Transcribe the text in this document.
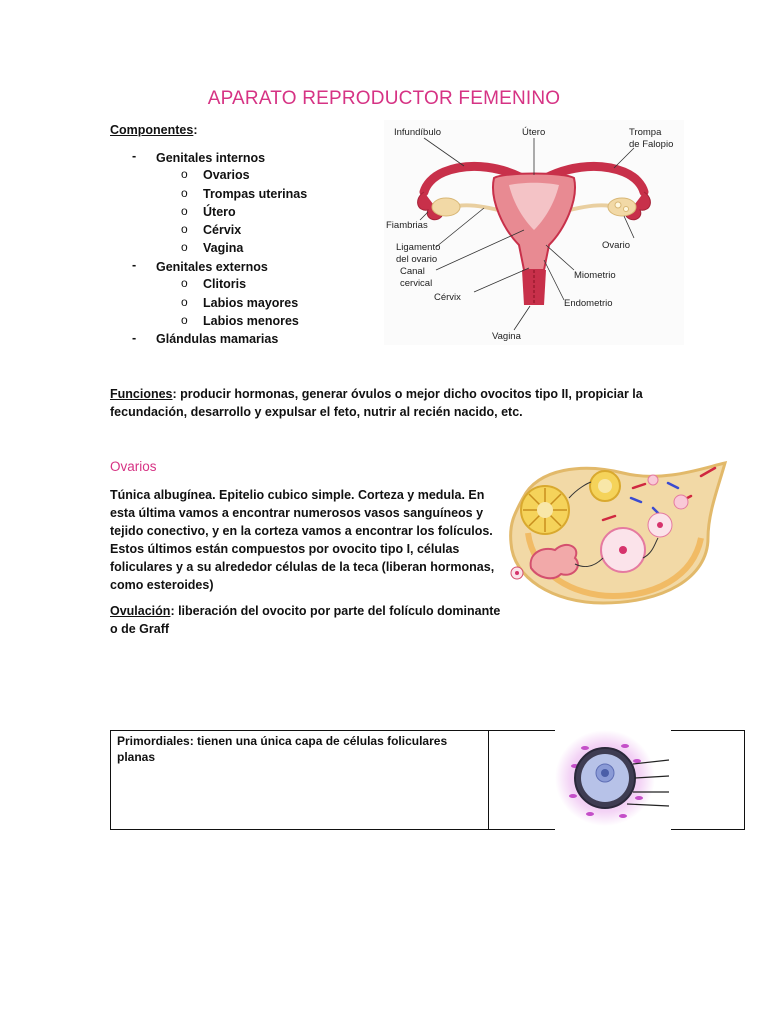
APARATO REPRODUCTOR FEMENINO
Componentes:
- Genitales internos
o Ovarios
o Trompas uterinas
o Útero
o Cérvix
o Vagina
- Genitales externos
o Clitoris
o Labios mayores
o Labios menores
- Glándulas mamarias
Infundíbulo	Útero	Trompa
de Falopio
Fiambrias
Ovario
Ligamento
del ovario
Canal
cervical
Miometrio
Cérvix
Endometrio
Vagina
Funciones: producir hormonas, generar óvulos o mejor dicho ovocitos tipo II, propiciar la
fecundación, desarrollo y expulsar el feto, nutrir al recién nacido, etc.
Ovarios
Túnica albugínea. Epitelio cubico simple. Corteza y medula. En
esta última vamos a encontrar numerosos vasos sanguíneos y
tejido conectivo, y en la corteza vamos a encontrar los folículos.
Estos últimos están compuestos por ovocito tipo I, células
foliculares y a su alrededor células de la teca (liberan hormonas,
como esteroides)
Ovulación: liberación del ovocito por parte del folículo dominante
o de Graff
Primordiales: tienen una única capa de células foliculares
planas
